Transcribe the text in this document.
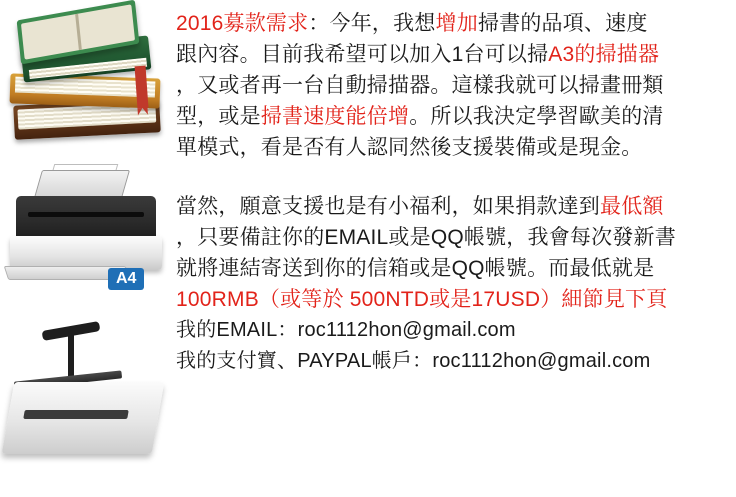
A4
2016募款需求：今年，我想增加掃書的品項、速度
跟內容。目前我希望可以加入1台可以掃A3的掃描器
，又或者再一台自動掃描器。這樣我就可以掃畫冊類
型，或是掃書速度能倍增。所以我決定學習歐美的清
單模式，看是否有人認同然後支援裝備或是現金。
當然，願意支援也是有小福利，如果捐款達到最低額
，只要備註你的EMAIL或是QQ帳號，我會每次發新書
就將連結寄送到你的信箱或是QQ帳號。而最低就是
100RMB（或等於 500NTD或是17USD）細節見下頁
我的EMAIL：roc1112hon@gmail.com
我的支付寶、PAYPAL帳戶：roc1112hon@gmail.com
